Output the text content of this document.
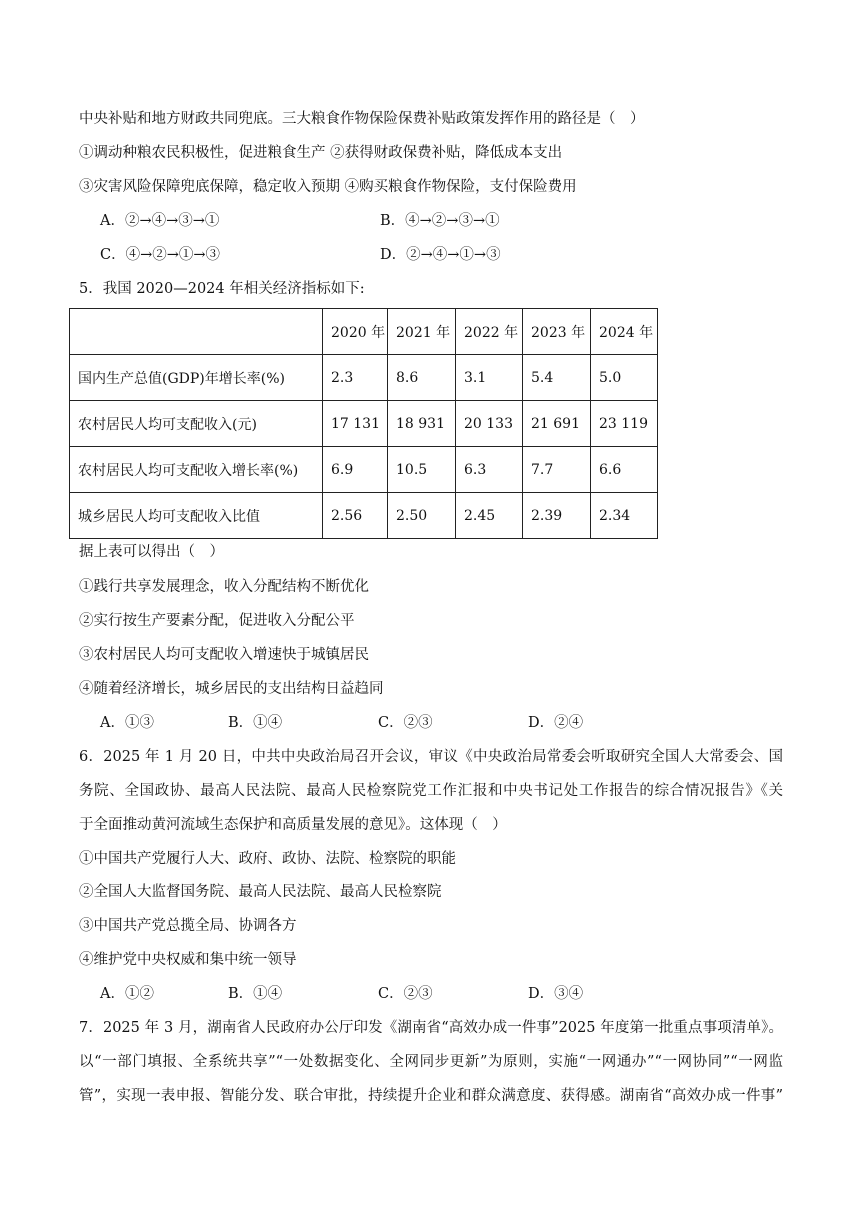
中央补贴和地方财政共同兜底。三大粮食作物保险保费补贴政策发挥作用的路径是（　）
①调动种粮农民积极性，促进粮食生产 ②获得财政保费补贴，降低成本支出
③灾害风险保障兜底保障，稳定收入预期 ④购买粮食作物保险，支付保险费用
A．②→④→③→①	B．④→②→③→①
C．④→②→①→③	D．②→④→①→③
5．我国 2020—2024 年相关经济指标如下:
	2020 年	2021 年	2022 年	2023 年	2024 年
国内生产总值(GDP)年增长率(%)	2.3	8.6	3.1	5.4	5.0
农村居民人均可支配收入(元)	17 131	18 931	20 133	21 691	23 119
农村居民人均可支配收入增长率(%)	6.9	10.5	6.3	7.7	6.6
城乡居民人均可支配收入比值	2.56	2.50	2.45	2.39	2.34
据上表可以得出（　）
①践行共享发展理念，收入分配结构不断优化
②实行按生产要素分配，促进收入分配公平
③农村居民人均可支配收入增速快于城镇居民
④随着经济增长，城乡居民的支出结构日益趋同
A．①③	B．①④	C．②③	D．②④
6．2025 年 1 月 20 日，中共中央政治局召开会议，审议《中央政治局常委会听取研究全国人大常委会、国
务院、全国政协、最高人民法院、最高人民检察院党工作汇报和中央书记处工作报告的综合情况报告》《关
于全面推动黄河流域生态保护和高质量发展的意见》。这体现（　）
①中国共产党履行人大、政府、政协、法院、检察院的职能
②全国人大监督国务院、最高人民法院、最高人民检察院
③中国共产党总揽全局、协调各方
④维护党中央权威和集中统一领导
A．①②	B．①④	C．②③	D．③④
7．2025 年 3 月，湖南省人民政府办公厅印发《湖南省“高效办成一件事”2025 年度第一批重点事项清单》。
以“一部门填报、全系统共享”“一处数据变化、全网同步更新”为原则，实施“一网通办”“一网协同”“一网监
管”，实现一表申报、智能分发、联合审批，持续提升企业和群众满意度、获得感。湖南省“高效办成一件事”
